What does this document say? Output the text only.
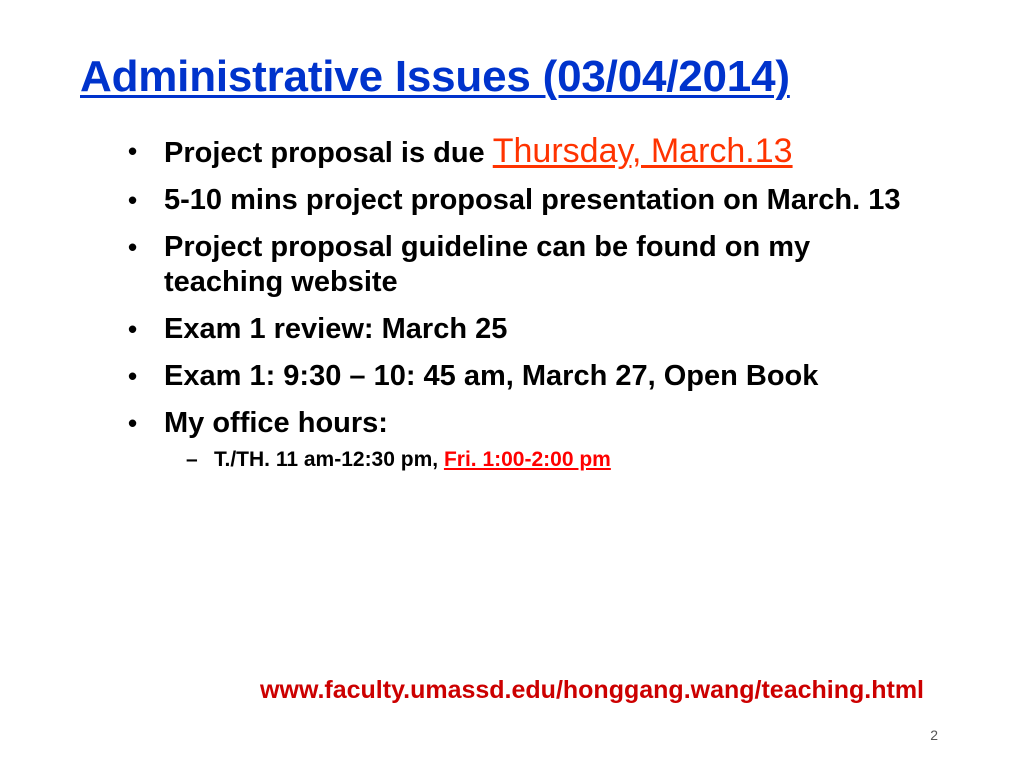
Administrative Issues (03/04/2014)
• Project proposal is due Thursday, March.13
• 5-10 mins project proposal presentation on March. 13
• Project proposal guideline can be found on my teaching website
• Exam 1 review: March 25
• Exam 1: 9:30 – 10: 45 am, March 27, Open Book
• My office hours:
– T./TH. 11 am-12:30 pm, Fri. 1:00-2:00 pm
www.faculty.umassd.edu/honggang.wang/teaching.html
2
